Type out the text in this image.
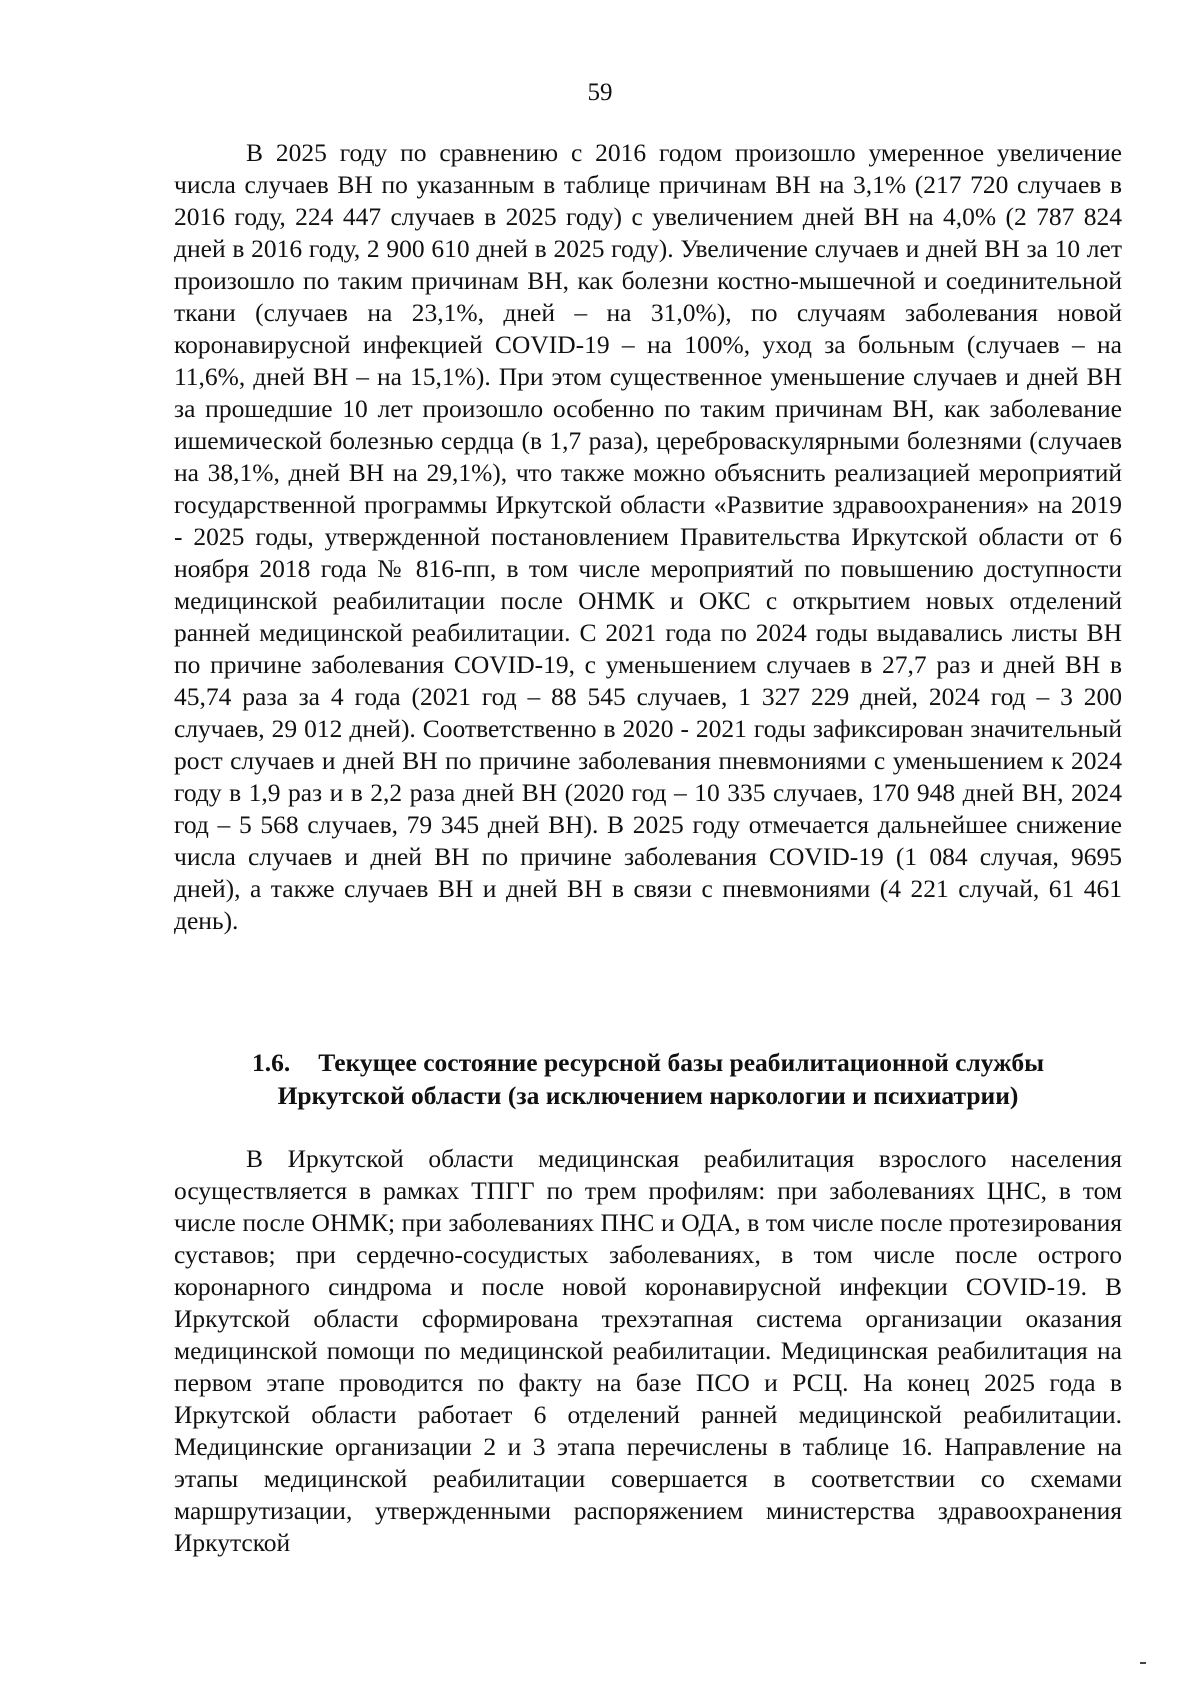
59

В 2025 году по сравнению с 2016 годом произошло умеренное увеличение числа случаев ВН по указанным в таблице причинам ВН на 3,1% (217 720 случаев в 2016 году, 224 447 случаев в 2025 году) с увеличением дней ВН на 4,0% (2 787 824 дней в 2016 году, 2 900 610 дней в 2025 году). Увеличение случаев и дней ВН за 10 лет произошло по таким причинам ВН, как болезни костно-мышечной и соединительной ткани (случаев на 23,1%, дней – на 31,0%), по случаям заболевания новой коронавирусной инфекцией COVID-19 – на 100%, уход за больным (случаев – на 11,6%, дней ВН – на 15,1%). При этом существенное уменьшение случаев и дней ВН за прошедшие 10 лет произошло особенно по таким причинам ВН, как заболевание ишемической болезнью сердца (в 1,7 раза), цереброваскулярными болезнями (случаев на 38,1%, дней ВН на 29,1%), что также можно объяснить реализацией мероприятий государственной программы Иркутской области «Развитие здравоохранения» на 2019 - 2025 годы, утвержденной постановлением Правительства Иркутской области от 6 ноября 2018 года № 816-пп, в том числе мероприятий по повышению доступности медицинской реабилитации после ОНМК и ОКС с открытием новых отделений ранней медицинской реабилитации. С 2021 года по 2024 годы выдавались листы ВН по причине заболевания COVID-19, с уменьшением случаев в 27,7 раз и дней ВН в 45,74 раза за 4 года (2021 год – 88 545 случаев, 1 327 229 дней, 2024 год – 3 200 случаев, 29 012 дней). Соответственно в 2020 - 2021 годы зафиксирован значительный рост случаев и дней ВН по причине заболевания пневмониями с уменьшением к 2024 году в 1,9 раз и в 2,2 раза дней ВН (2020 год – 10 335 случаев, 170 948 дней ВН, 2024 год – 5 568 случаев, 79 345 дней ВН). В 2025 году отмечается дальнейшее снижение числа случаев и дней ВН по причине заболевания COVID-19 (1 084 случая, 9695 дней), а также случаев ВН и дней ВН в связи с пневмониями (4 221 случай, 61 461 день).

1.6. Текущее состояние ресурсной базы реабилитационной службы
Иркутской области (за исключением наркологии и психиатрии)

В Иркутской области медицинская реабилитация взрослого населения осуществляется в рамках ТПГГ по трем профилям: при заболеваниях ЦНС, в том числе после ОНМК; при заболеваниях ПНС и ОДА, в том числе после протезирования суставов; при сердечно-сосудистых заболеваниях, в том числе после острого коронарного синдрома и после новой коронавирусной инфекции COVID-19. В Иркутской области сформирована трехэтапная система организации оказания медицинской помощи по медицинской реабилитации. Медицинская реабилитация на первом этапе проводится по факту на базе ПСО и РСЦ. На конец 2025 года в Иркутской области работает 6 отделений ранней медицинской реабилитации. Медицинские организации 2 и 3 этапа перечислены в таблице 16. Направление на этапы медицинской реабилитации совершается в соответствии со схемами маршрутизации, утвержденными распоряжением министерства здравоохранения Иркутской
